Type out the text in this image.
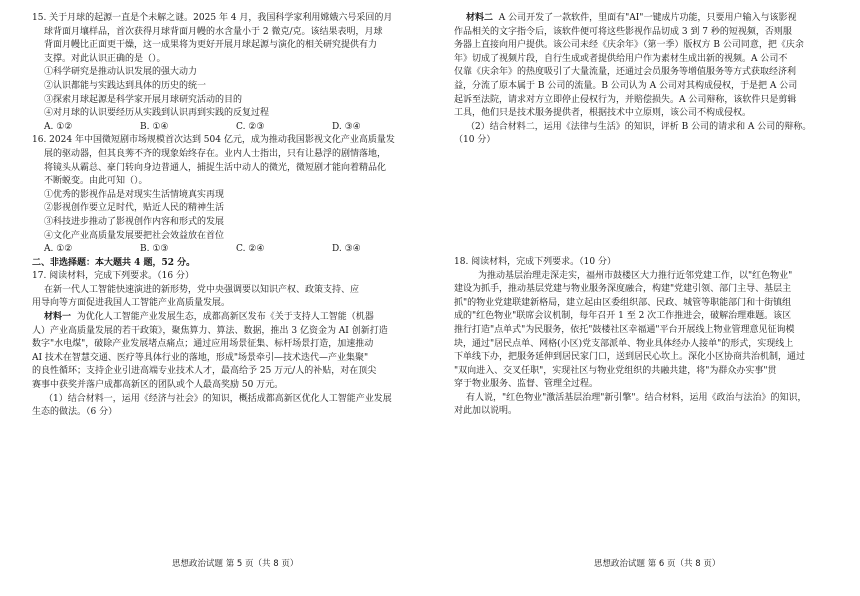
15. 关于月球的起源一直是个未解之谜。2025 年 4 月，我国科学家利用嫦娥六号采回的月
球背面月壤样品，首次获得月球背面月幔的水含量小于 2 微克/克。该结果表明，月球
背面月幔比正面更干燥，这一成果将为更好开展月球起源与演化的相关研究提供有力
支撑。对此认识正确的是（）。
①科学研究是推动认识发展的强大动力
②认识都能与实践达到具体的历史的统一
③探索月球起源是科学家开展月球研究活动的目的
④对月球的认识要经历从实践到认识再到实践的反复过程
A. ①②	B. ①④	C. ②③	D. ③④
16. 2024 年中国微短剧市场规模首次达到 504 亿元，成为推动我国影视文化产业高质量发
展的驱动器，但其良莠不齐的现象始终存在。业内人士指出，只有让悬浮的剧情落地，
将镜头从霸总、豪门转向身边普通人，捕捉生活中动人的微光，微短剧才能向着精品化
不断蜕变。由此可知（）。
①优秀的影视作品是对现实生活情境真实再现
②影视创作要立足时代，贴近人民的精神生活
③科技进步推动了影视创作内容和形式的发展
④文化产业高质量发展要把社会效益放在首位
A. ①②	B. ①③	C. ②④	D. ③④
二、非选择题：本大题共 4 题，52 分。
17. 阅读材料，完成下列要求。（16 分）
在新一代人工智能快速演进的新形势，党中央强调要以知识产权、政策支持、应
用导向等方面促进我国人工智能产业高质量发展。
材料一 为优化人工智能产业发展生态，成都高新区发布《关于支持人工智能（机器
人）产业高质量发展的若干政策》，聚焦算力、算法、数据，推出 3 亿资金为 AI 创新打造
数字"水电煤"，破除产业发展堵点痛点；通过应用场景征集、标杆场景打造，加速推动
AI 技术在智慧交通、医疗等具体行业的落地，形成"场景牵引—技术迭代—产业集聚"
的良性循环；支持企业引进高端专业技术人才，最高给予 25 万元/人的补贴，对在顶尖
赛事中获奖并落户成都高新区的团队或个人最高奖励 50 万元。
（1）结合材料一，运用《经济与社会》的知识，概括成都高新区优化人工智能产业发展
生态的做法。（6 分）
材料二 A 公司开发了一款软件，里面有"AI"一键成片功能，只要用户输入与该影视
作品相关的文字指令后，该软件便可将这些影视作品切成 3 到 7 秒的短视频，否则服
务器上直接向用户提供。该公司未经《庆余年》（第一季）版权方 B 公司同意，把《庆余
年》切成了视频片段，自行生成或者提供给用户作为素材生成出新的视频。A 公司不
仅靠《庆余年》的热度吸引了大量流量，还通过会员服务等增值服务等方式获取经济利
益，分流了原本属于 B 公司的流量。B 公司认为 A 公司对其构成侵权，于是把 A 公司
起诉至法院，请求对方立即停止侵权行为，并赔偿损失。A 公司辩称，该软件只是剪辑
工具，他们只是技术服务提供者，根据技术中立原则，该公司不构成侵权。
（2）结合材料二，运用《法律与生活》的知识，评析 B 公司的请求和 A 公司的辩称。
（10 分）
18. 阅读材料，完成下列要求。（10 分）
为推动基层治理走深走实，福州市鼓楼区大力推行近邻党建工作，以"红色物业"
建设为抓手，推动基层党建与物业服务深度融合，构建"党建引领、部门主导、基层主
抓"的物业党建联建新格局，建立起由区委组织部、民政、城管等职能部门和十街镇组
成的"红色物业"联席会议机制，每年召开 1 至 2 次工作推进会，破解治理难题。该区
推行打造"点单式"为民服务，依托"鼓楼社区幸福通"平台开展线上物业管理意见征询模
块，通过"居民点单、网格(小区)党支部派单、物业具体经办人接单"的形式，实现线上
下单线下办，把服务延伸到居民家门口，送到居民心坎上。深化小区协商共治机制，通过
"双向进入、交叉任职"，实现社区与物业党组织的共融共建，将"为群众办实事"贯
穿于物业服务、监督、管理全过程。
有人说，"红色物业"激活基层治理"新引擎"。结合材料，运用《政治与法治》的知识，
对此加以说明。
思想政治试题 第 5 页（共 8 页）	思想政治试题 第 6 页（共 8 页）
